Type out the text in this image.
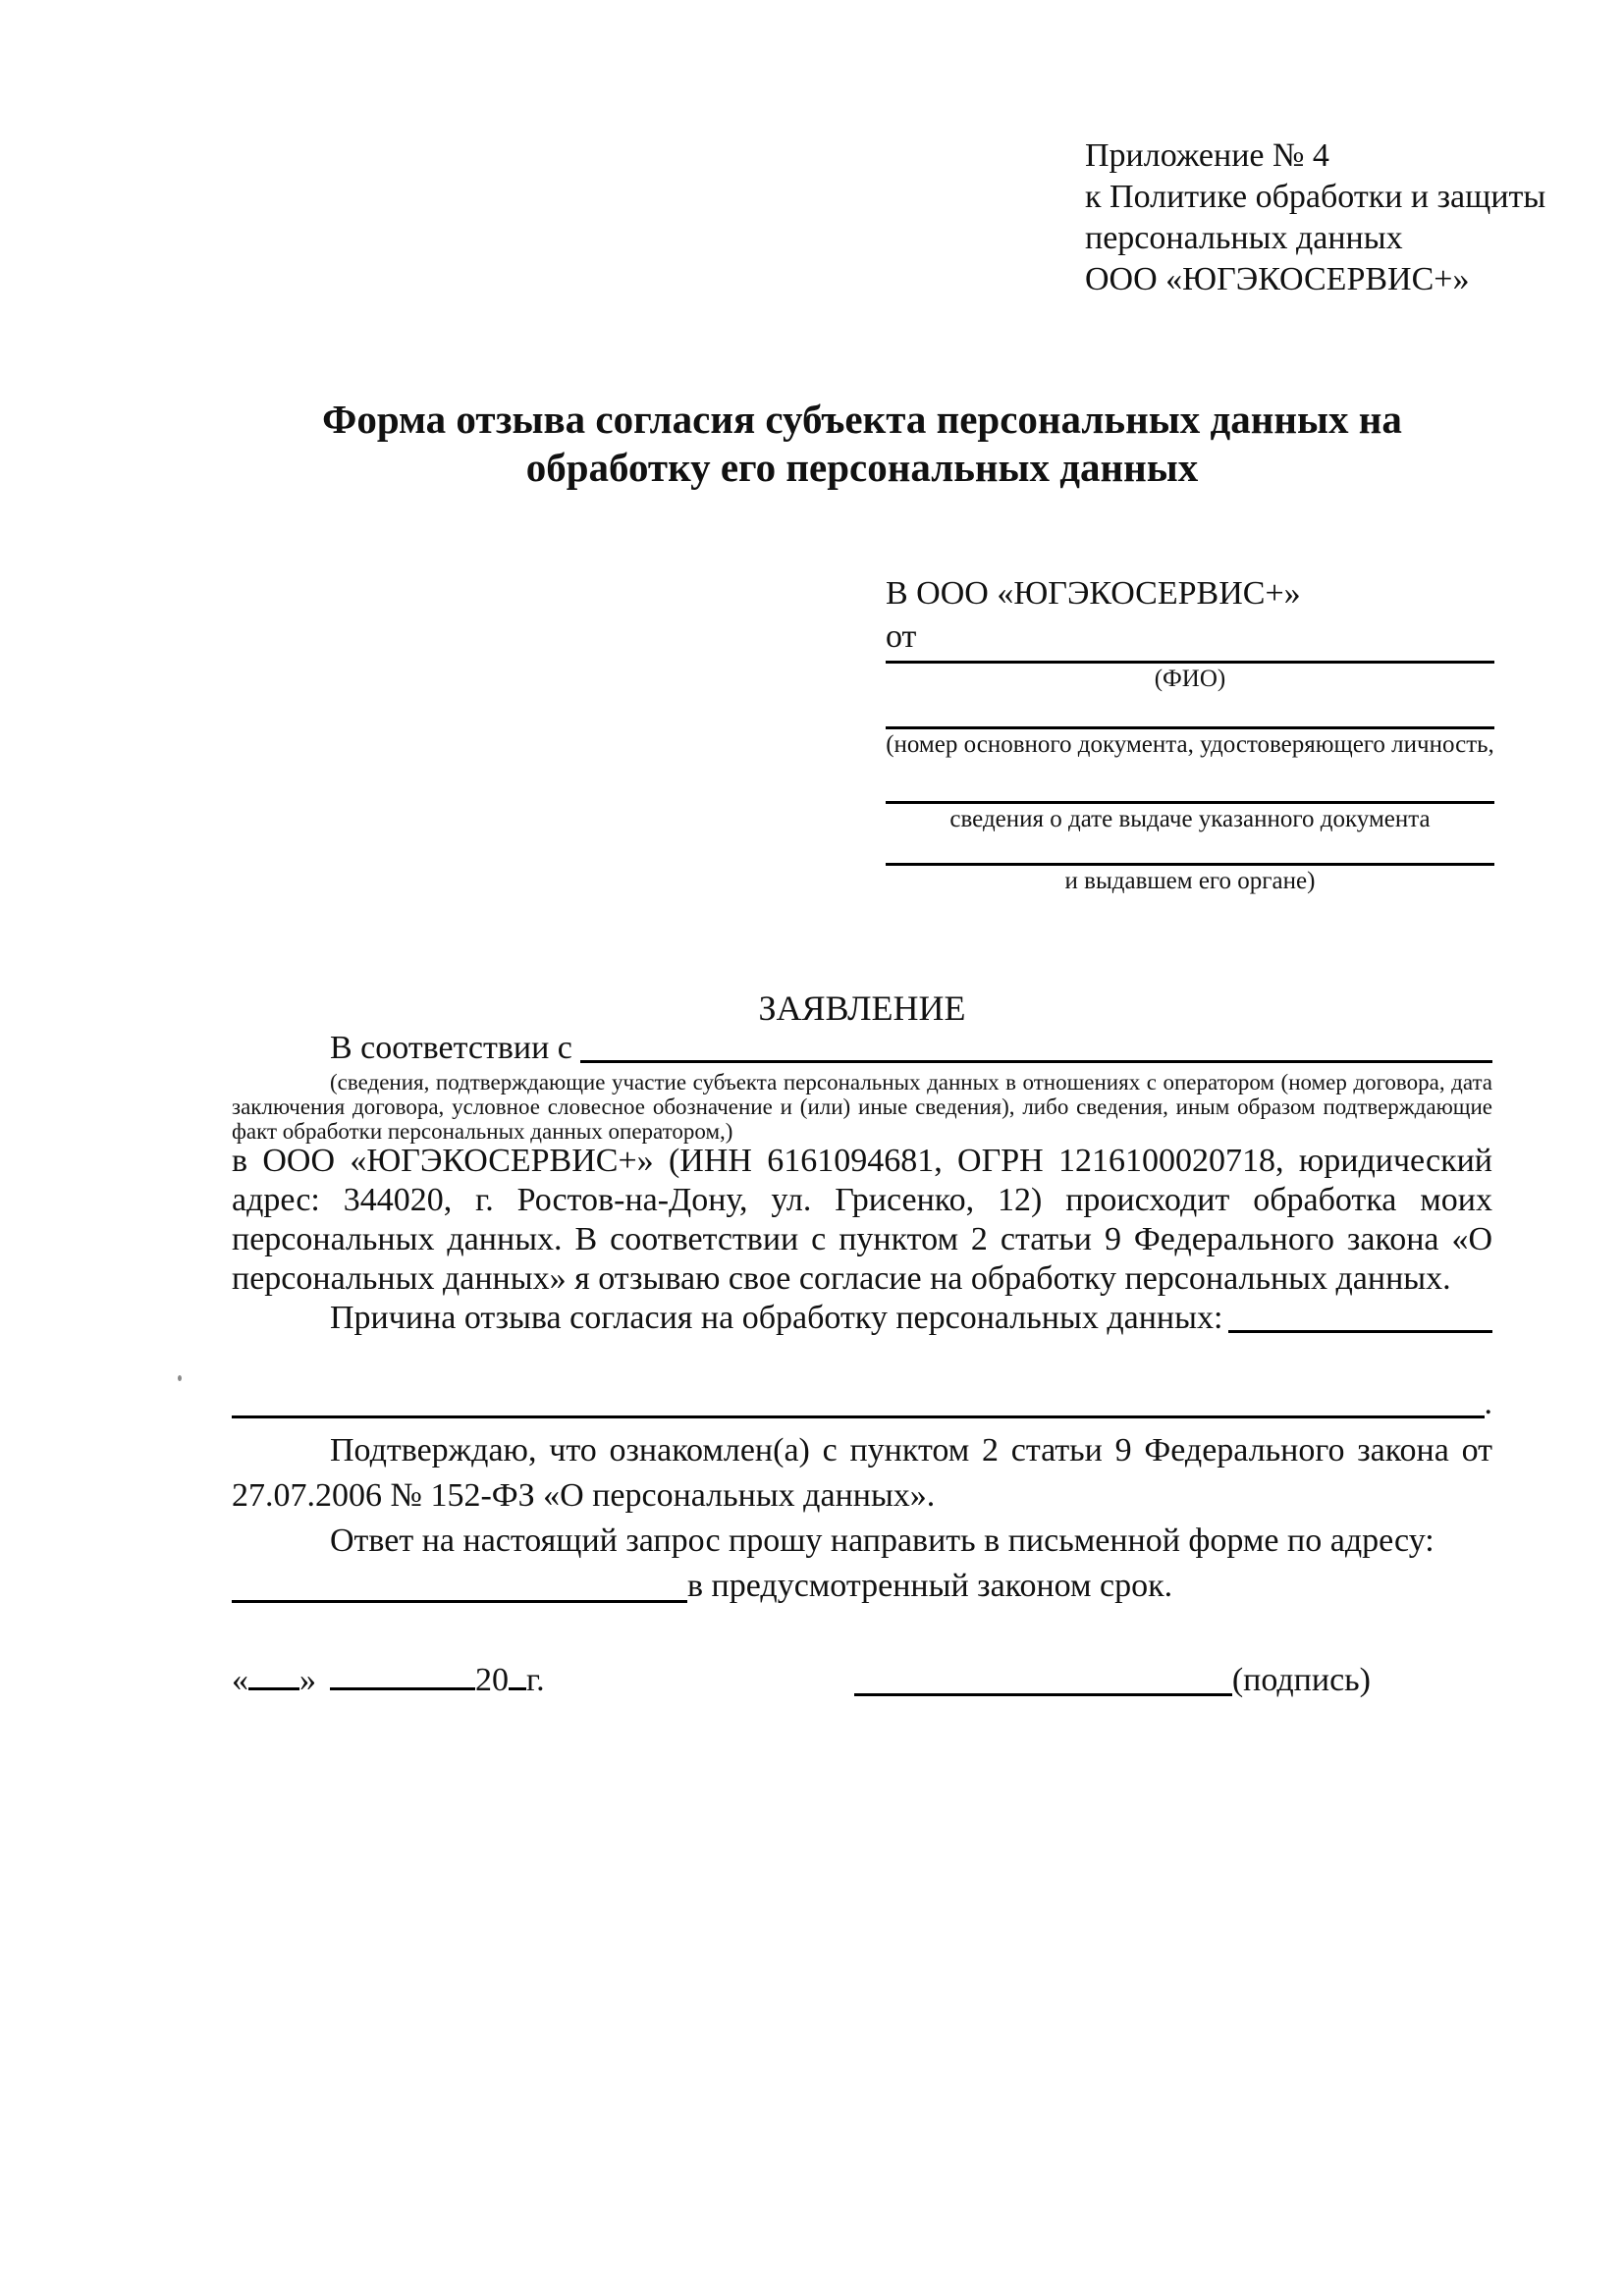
Приложение № 4
к Политике обработки и защиты
персональных данных
ООО «ЮГЭКОСЕРВИС+»
Форма отзыва согласия субъекта персональных данных на
обработку его персональных данных
В ООО «ЮГЭКОСЕРВИС+»
от
(ФИО)
(номер основного документа, удостоверяющего личность,
сведения о дате выдаче указанного документа
и выдавшем его органе)
ЗАЯВЛЕНИЕ
В соответствии с
(сведения, подтверждающие участие субъекта персональных данных в отношениях с оператором (номер договора, дата заключения договора, условное словесное обозначение и (или) иные сведения), либо сведения, иным образом подтверждающие факт обработки персональных данных оператором,)
в ООО «ЮГЭКОСЕРВИС+» (ИНН 6161094681, ОГРН 1216100020718, юридический адрес: 344020, г. Ростов-на-Дону, ул. Грисенко, 12) происходит обработка моих персональных данных. В соответствии с пунктом 2 статьи 9 Федерального закона «О персональных данных» я отзываю свое согласие на обработку персональных данных.
Причина отзыва согласия на обработку персональных данных:
.

Подтверждаю, что ознакомлен(а) с пунктом 2 статьи 9 Федерального закона от 27.07.2006 № 152-ФЗ «О персональных данных».

Ответ на настоящий запрос прошу направить в письменной форме по адресу:

в предусмотренный законом срок.
« »	20 г.	(подпись)
